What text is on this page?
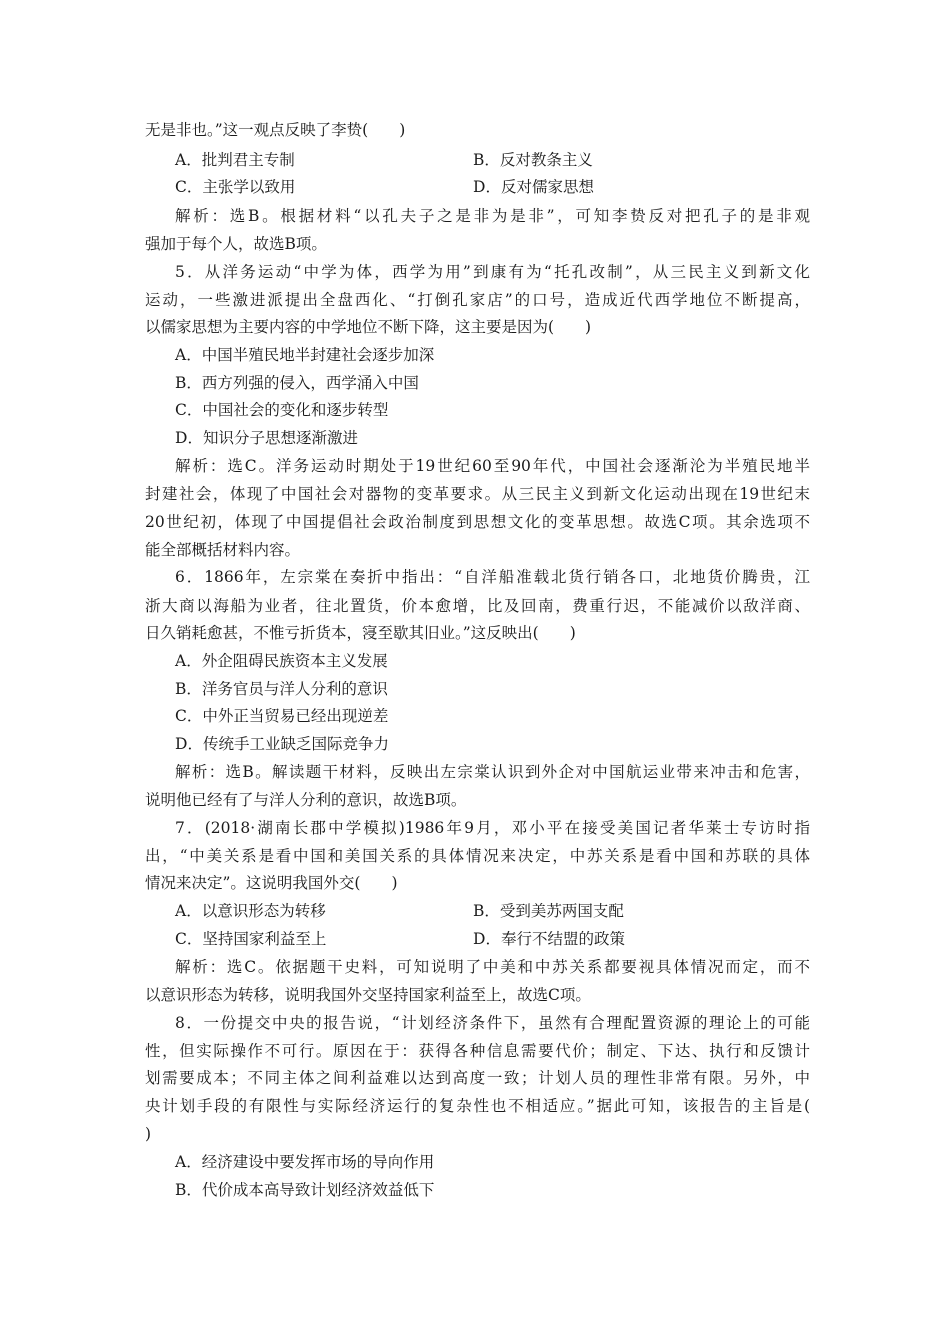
无是非也。”这一观点反映了李贽(　　)
A．批判君主专制	B．反对教条主义
C．主张学以致用	D．反对儒家思想
解析：选B。根据材料“以孔夫子之是非为是非”，可知李贽反对把孔子的是非观
强加于每个人，故选B项。
5．从洋务运动“中学为体，西学为用”到康有为“托孔改制”，从三民主义到新文化
运动，一些激进派提出全盘西化、“打倒孔家店”的口号，造成近代西学地位不断提高，
以儒家思想为主要内容的中学地位不断下降，这主要是因为(　　)
A．中国半殖民地半封建社会逐步加深
B．西方列强的侵入，西学涌入中国
C．中国社会的变化和逐步转型
D．知识分子思想逐渐激进
解析：选C。洋务运动时期处于19世纪60至90年代，中国社会逐渐沦为半殖民地半
封建社会，体现了中国社会对器物的变革要求。从三民主义到新文化运动出现在19世纪末
20世纪初，体现了中国提倡社会政治制度到思想文化的变革思想。故选C项。其余选项不
能全部概括材料内容。
6．1866年，左宗棠在奏折中指出：“自洋船准载北货行销各口，北地货价腾贵，江
浙大商以海船为业者，往北置货，价本愈增，比及回南，费重行迟，不能减价以敌洋商、
日久销耗愈甚，不惟亏折货本，寖至歇其旧业。”这反映出(　　)
A．外企阻碍民族资本主义发展
B．洋务官员与洋人分利的意识
C．中外正当贸易已经出现逆差
D．传统手工业缺乏国际竞争力
解析：选B。解读题干材料，反映出左宗棠认识到外企对中国航运业带来冲击和危害，
说明他已经有了与洋人分利的意识，故选B项。
7．(2018·湖南长郡中学模拟)1986年9月，邓小平在接受美国记者华莱士专访时指
出，“中美关系是看中国和美国关系的具体情况来决定，中苏关系是看中国和苏联的具体
情况来决定”。这说明我国外交(　　)
A．以意识形态为转移	B．受到美苏两国支配
C．坚持国家利益至上	D．奉行不结盟的政策
解析：选C。依据题干史料，可知说明了中美和中苏关系都要视具体情况而定，而不
以意识形态为转移，说明我国外交坚持国家利益至上，故选C项。
8．一份提交中央的报告说，“计划经济条件下，虽然有合理配置资源的理论上的可能
性，但实际操作不可行。原因在于：获得各种信息需要代价；制定、下达、执行和反馈计
划需要成本；不同主体之间利益难以达到高度一致；计划人员的理性非常有限。另外，中
央计划手段的有限性与实际经济运行的复杂性也不相适应。”据此可知，该报告的主旨是(
)
A．经济建设中要发挥市场的导向作用
B．代价成本高导致计划经济效益低下
